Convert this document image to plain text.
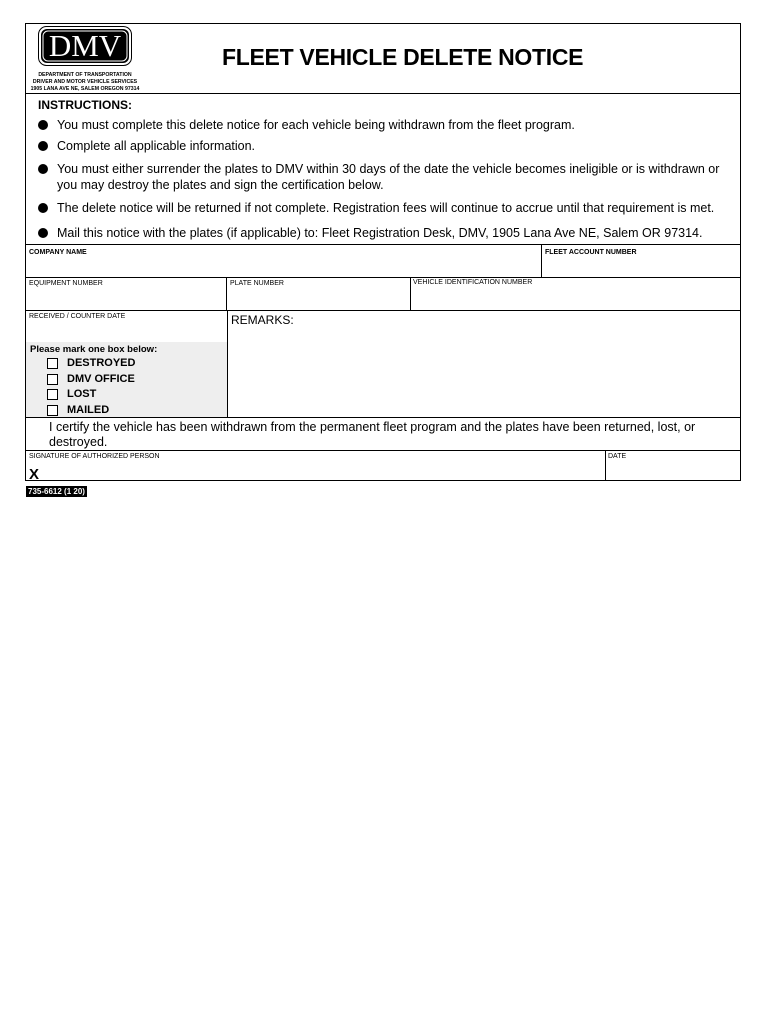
DMV
DEPARTMENT OF TRANSPORTATION
DRIVER AND MOTOR VEHICLE SERVICES
1905 LANA AVE NE, SALEM OREGON 97314
FLEET VEHICLE DELETE NOTICE
INSTRUCTIONS:
You must complete this delete notice for each vehicle being withdrawn from the fleet program.
Complete all applicable information.
You must either surrender the plates to DMV within 30 days of the date the vehicle becomes ineligible or is withdrawn or you may destroy the plates and sign the certification below.
The delete notice will be returned if not complete. Registration fees will continue to accrue until that requirement is met.
Mail this notice with the plates (if applicable) to: Fleet Registration Desk, DMV, 1905 Lana Ave NE, Salem OR 97314.
COMPANY NAME	FLEET ACCOUNT NUMBER
EQUIPMENT NUMBER	PLATE NUMBER	VEHICLE IDENTIFICATION NUMBER
RECEIVED / COUNTER DATE	REMARKS:
Please mark one box below:
DESTROYED
DMV OFFICE
LOST
MAILED
I certify the vehicle has been withdrawn from the permanent fleet program and the plates have been returned, lost, or destroyed.
SIGNATURE OF AUTHORIZED PERSON	DATE
X
735-6612 (1 20)
